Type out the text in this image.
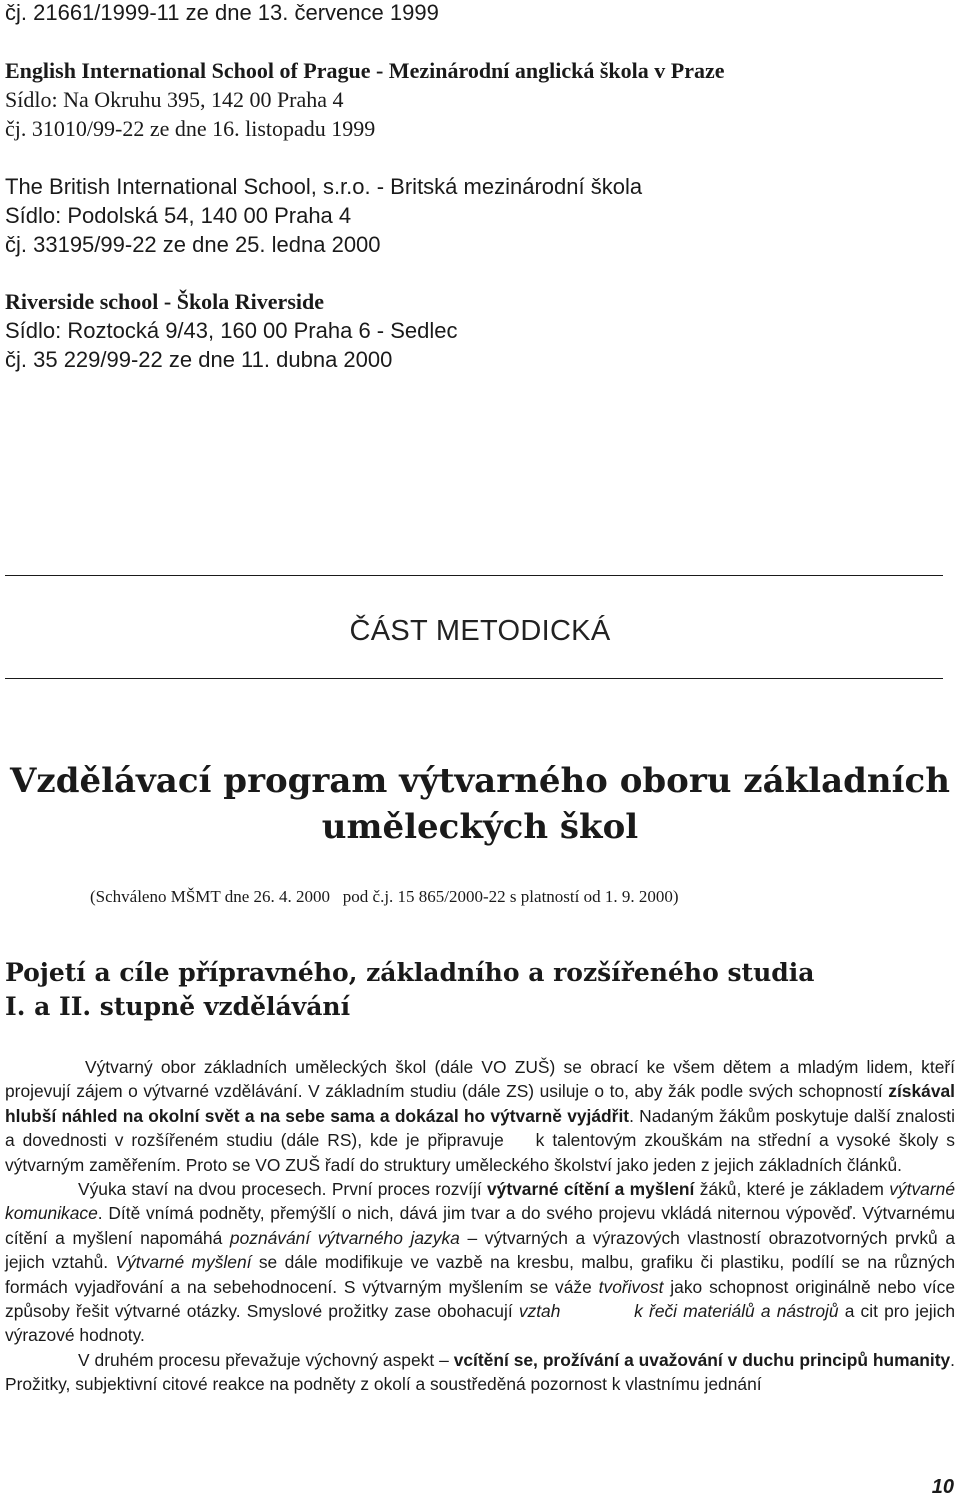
čj. 21661/1999-11 ze dne 13. července 1999
English International School of Prague - Mezinárodní anglická škola v Praze
Sídlo: Na Okruhu 395, 142 00 Praha 4
čj. 31010/99-22 ze dne 16. listopadu 1999
The British International School, s.r.o. - Britská mezinárodní škola
Sídlo: Podolská 54, 140 00 Praha 4
čj. 33195/99-22 ze dne 25. ledna 2000
Riverside school - Škola Riverside
Sídlo: Roztocká 9/43, 160 00 Praha 6 - Sedlec
čj. 35 229/99-22 ze dne 11. dubna 2000
ČÁST METODICKÁ
Vzdělávací program výtvarného oboru základních
uměleckých škol
(Schváleno MŠMT dne 26. 4. 2000   pod č.j. 15 865/2000-22 s platností od 1. 9. 2000)
Pojetí a cíle přípravného, základního a rozšířeného studia
I. a II. stupně vzdělávání

Výtvarný obor základních uměleckých škol (dále VO ZUŠ) se obrací ke všem dětem a mladým lidem, kteří projevují zájem o výtvarné vzdělávání. V základním studiu (dále ZS) usiluje o to, aby žák podle svých schopností získával hlubší náhled na okolní svět a na sebe sama a dokázal ho výtvarně vyjádřit. Nadaným žákům poskytuje další znalosti a dovednosti v rozšířeném studiu (dále RS), kde je připravuje    k talentovým zkouškám na střední a vysoké školy s výtvarným zaměřením. Proto se VO ZUŠ řadí do struktury uměleckého školství jako jeden z jejich základních článků.

Výuka staví na dvou procesech. První proces rozvíjí výtvarné cítění a myšlení žáků, které je základem výtvarné komunikace. Dítě vnímá podněty, přemýšlí o nich, dává jim tvar a do svého projevu vkládá niternou výpověď. Výtvarnému cítění a myšlení napomáhá poznávání výtvarného jazyka – výtvarných a výrazových vlastností obrazotvorných prvků a jejich vztahů. Výtvarné myšlení se dále modifikuje ve vazbě na kresbu, malbu, grafiku či plastiku, podílí se na různých formách vyjadřování a na sebehodnocení. S výtvarným myšlením se váže tvořivost jako schopnost originálně nebo více způsoby řešit výtvarné otázky. Smyslové prožitky zase obohacují vztah            k řeči materiálů a nástrojů a cit pro jejich výrazové hodnoty.

V druhém procesu převažuje výchovný aspekt – vcítění se, prožívání a uvažování v duchu principů humanity. Prožitky, subjektivní citové reakce na podněty z okolí a soustředěná pozornost k vlastnímu jednání

10
